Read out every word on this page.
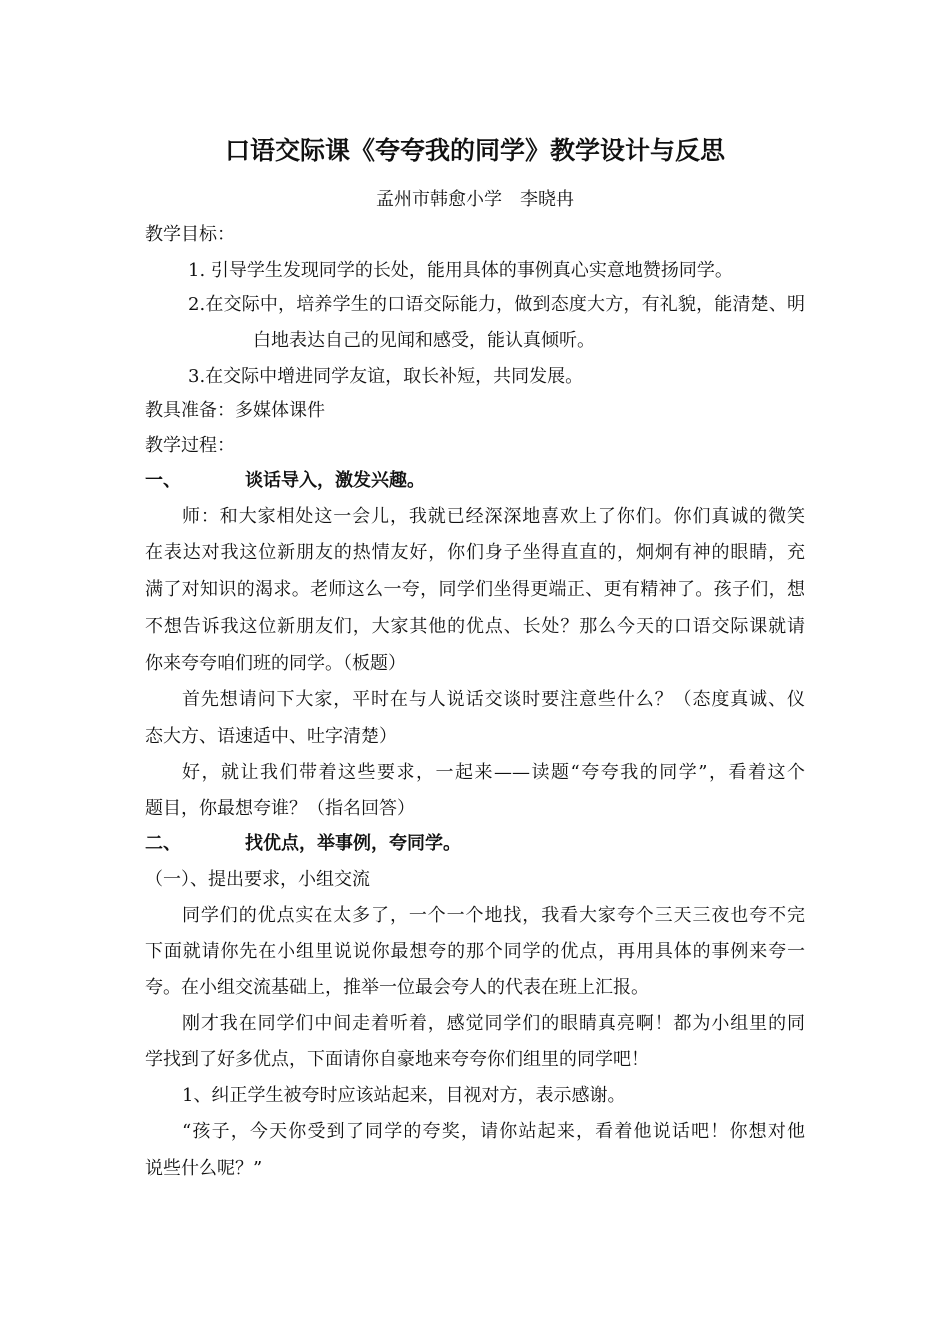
口语交际课《夸夸我的同学》教学设计与反思
孟州市韩愈小学　李晓冉
教学目标：
1. 引导学生发现同学的长处，能用具体的事例真心实意地赞扬同学。
2.在交际中，培养学生的口语交际能力，做到态度大方，有礼貌，能清楚、明
白地表达自己的见闻和感受，能认真倾听。
3.在交际中增进同学友谊，取长补短，共同发展。
教具准备：多媒体课件
教学过程：
一、	谈话导入，激发兴趣。
师：和大家相处这一会儿，我就已经深深地喜欢上了你们。你们真诚的微笑
在表达对我这位新朋友的热情友好，你们身子坐得直直的，炯炯有神的眼睛，充
满了对知识的渴求。老师这么一夸，同学们坐得更端正、更有精神了。孩子们，想
不想告诉我这位新朋友们，大家其他的优点、长处？那么今天的口语交际课就请
你来夸夸咱们班的同学。（板题）
首先想请问下大家，平时在与人说话交谈时要注意些什么？（态度真诚、仪
态大方、语速适中、吐字清楚）
好，就让我们带着这些要求，一起来——读题“夸夸我的同学”，看着这个
题目，你最想夸谁？（指名回答）
二、	找优点，举事例，夸同学。
（一）、提出要求，小组交流
同学们的优点实在太多了，一个一个地找，我看大家夸个三天三夜也夸不完
下面就请你先在小组里说说你最想夸的那个同学的优点，再用具体的事例来夸一
夸。在小组交流基础上，推举一位最会夸人的代表在班上汇报。
刚才我在同学们中间走着听着，感觉同学们的眼睛真亮啊！都为小组里的同
学找到了好多优点，下面请你自豪地来夸夸你们组里的同学吧！
1、纠正学生被夸时应该站起来，目视对方，表示感谢。
“孩子，今天你受到了同学的夸奖，请你站起来，看着他说话吧！你想对他
说些什么呢？”
